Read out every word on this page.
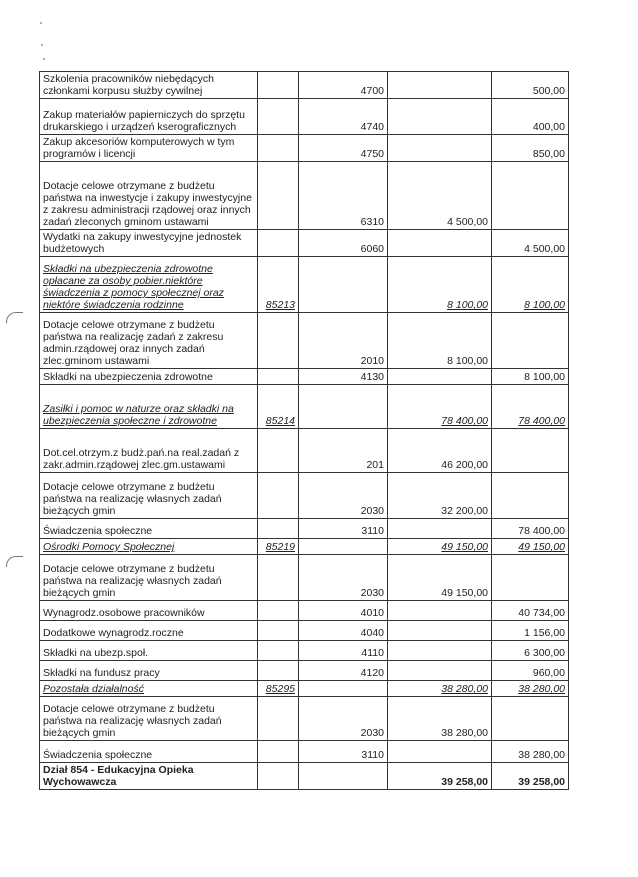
Szkolenia pracowników niebędących członkami korpusu służby cywilnej		4700		500,00
Zakup materiałów papierniczych do sprzętu drukarskiego i urządzeń kserograficznych		4740		400,00
Zakup akcesoriów komputerowych w tym programów i licencji		4750		850,00
Dotacje celowe otrzymane z budżetu państwa na inwestycje i zakupy inwestycyjne z zakresu administracji rządowej oraz innych zadań zleconych gminom ustawami		6310	4 500,00	
Wydatki na zakupy inwestycyjne jednostek budżetowych		6060		4 500,00
Składki na ubezpieczenia zdrowotne opłacane za osoby pobier.niektóre świadczenia z pomocy społecznej oraz niektóre świadczenia rodzinne	85213		8 100,00	8 100,00
Dotacje celowe otrzymane z budżetu państwa na realizację zadań z zakresu admin.rządowej oraz innych zadań zlec.gminom ustawami		2010	8 100,00	
Składki na ubezpieczenia zdrowotne		4130		8 100,00
Zasiłki i pomoc w naturze oraz składki na ubezpieczenia społeczne i zdrowotne	85214		78 400,00	78 400,00
Dot.cel.otrzym.z budż.pań.na real.zadań z zakr.admin.rządowej zlec.gm.ustawami		201	46 200,00	
Dotacje celowe otrzymane z budżetu państwa na realizację własnych zadań bieżących gmin		2030	32 200,00	
Świadczenia społeczne		3110		78 400,00
Ośrodki Pomocy Społecznej	85219		49 150,00	49 150,00
Dotacje celowe otrzymane z budżetu państwa na realizację własnych zadań bieżących gmin		2030	49 150,00	
Wynagrodz.osobowe pracowników		4010		40 734,00
Dodatkowe wynagrodz.roczne		4040		1 156,00
Składki na ubezp.społ.		4110		6 300,00
Składki na fundusz pracy		4120		960,00
Pozostała działalność	85295		38 280,00	38 280,00
Dotacje celowe otrzymane z budżetu państwa na realizację własnych zadań bieżących gmin		2030	38 280,00	
Świadczenia społeczne		3110		38 280,00
Dział 854 - Edukacyjna Opieka Wychowawcza			39 258,00	39 258,00
